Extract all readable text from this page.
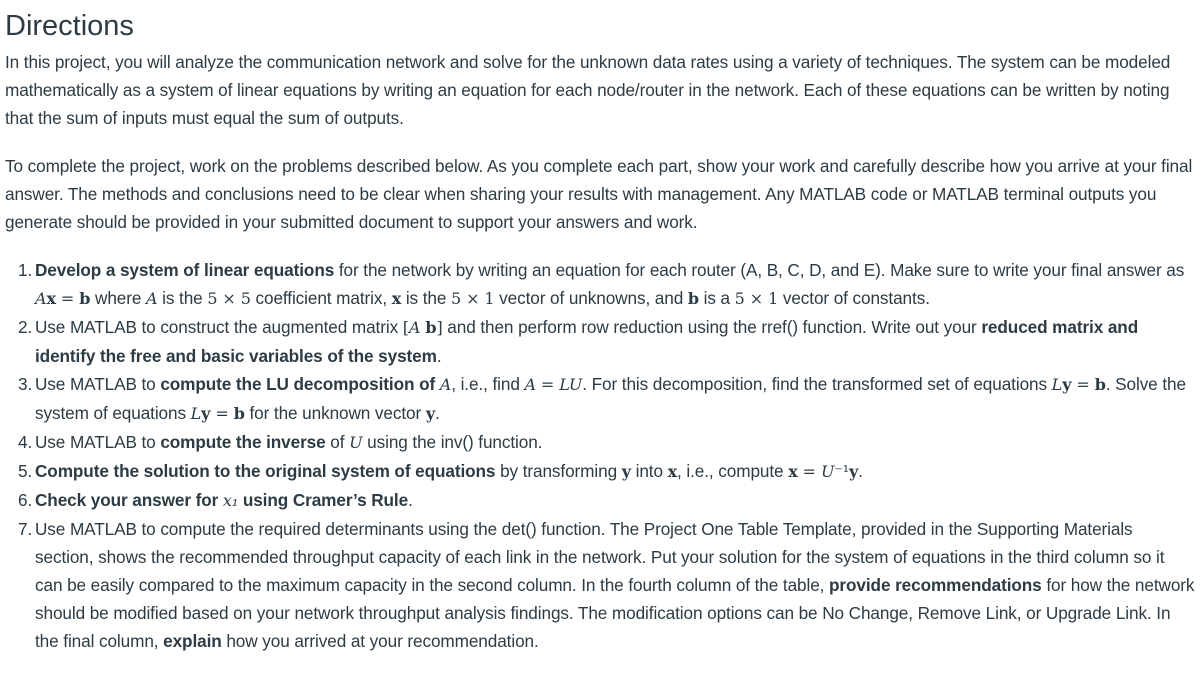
Directions

In this project, you will analyze the communication network and solve for the unknown data rates using a variety of techniques. The system can be modeled mathematically as a system of linear equations by writing an equation for each node/router in the network. Each of these equations can be written by noting that the sum of inputs must equal the sum of outputs.

To complete the project, work on the problems described below. As you complete each part, show your work and carefully describe how you arrive at your final answer. The methods and conclusions need to be clear when sharing your results with management. Any MATLAB code or MATLAB terminal outputs you generate should be provided in your submitted document to support your answers and work.

1. Develop a system of linear equations for the network by writing an equation for each router (A, B, C, D, and E). Make sure to write your final answer as Ax = b where A is the 5 × 5 coefficient matrix, x is the 5 × 1 vector of unknowns, and b is a 5 × 1 vector of constants.
2. Use MATLAB to construct the augmented matrix [A b] and then perform row reduction using the rref() function. Write out your reduced matrix and identify the free and basic variables of the system.
3. Use MATLAB to compute the LU decomposition of A, i.e., find A = LU. For this decomposition, find the transformed set of equations Ly = b. Solve the system of equations Ly = b for the unknown vector y.
4. Use MATLAB to compute the inverse of U using the inv() function.
5. Compute the solution to the original system of equations by transforming y into x, i.e., compute x = U⁻¹y.
6. Check your answer for x₁ using Cramer’s Rule.
7. Use MATLAB to compute the required determinants using the det() function. The Project One Table Template, provided in the Supporting Materials section, shows the recommended throughput capacity of each link in the network. Put your solution for the system of equations in the third column so it can be easily compared to the maximum capacity in the second column. In the fourth column of the table, provide recommendations for how the network should be modified based on your network throughput analysis findings. The modification options can be No Change, Remove Link, or Upgrade Link. In the final column, explain how you arrived at your recommendation.
